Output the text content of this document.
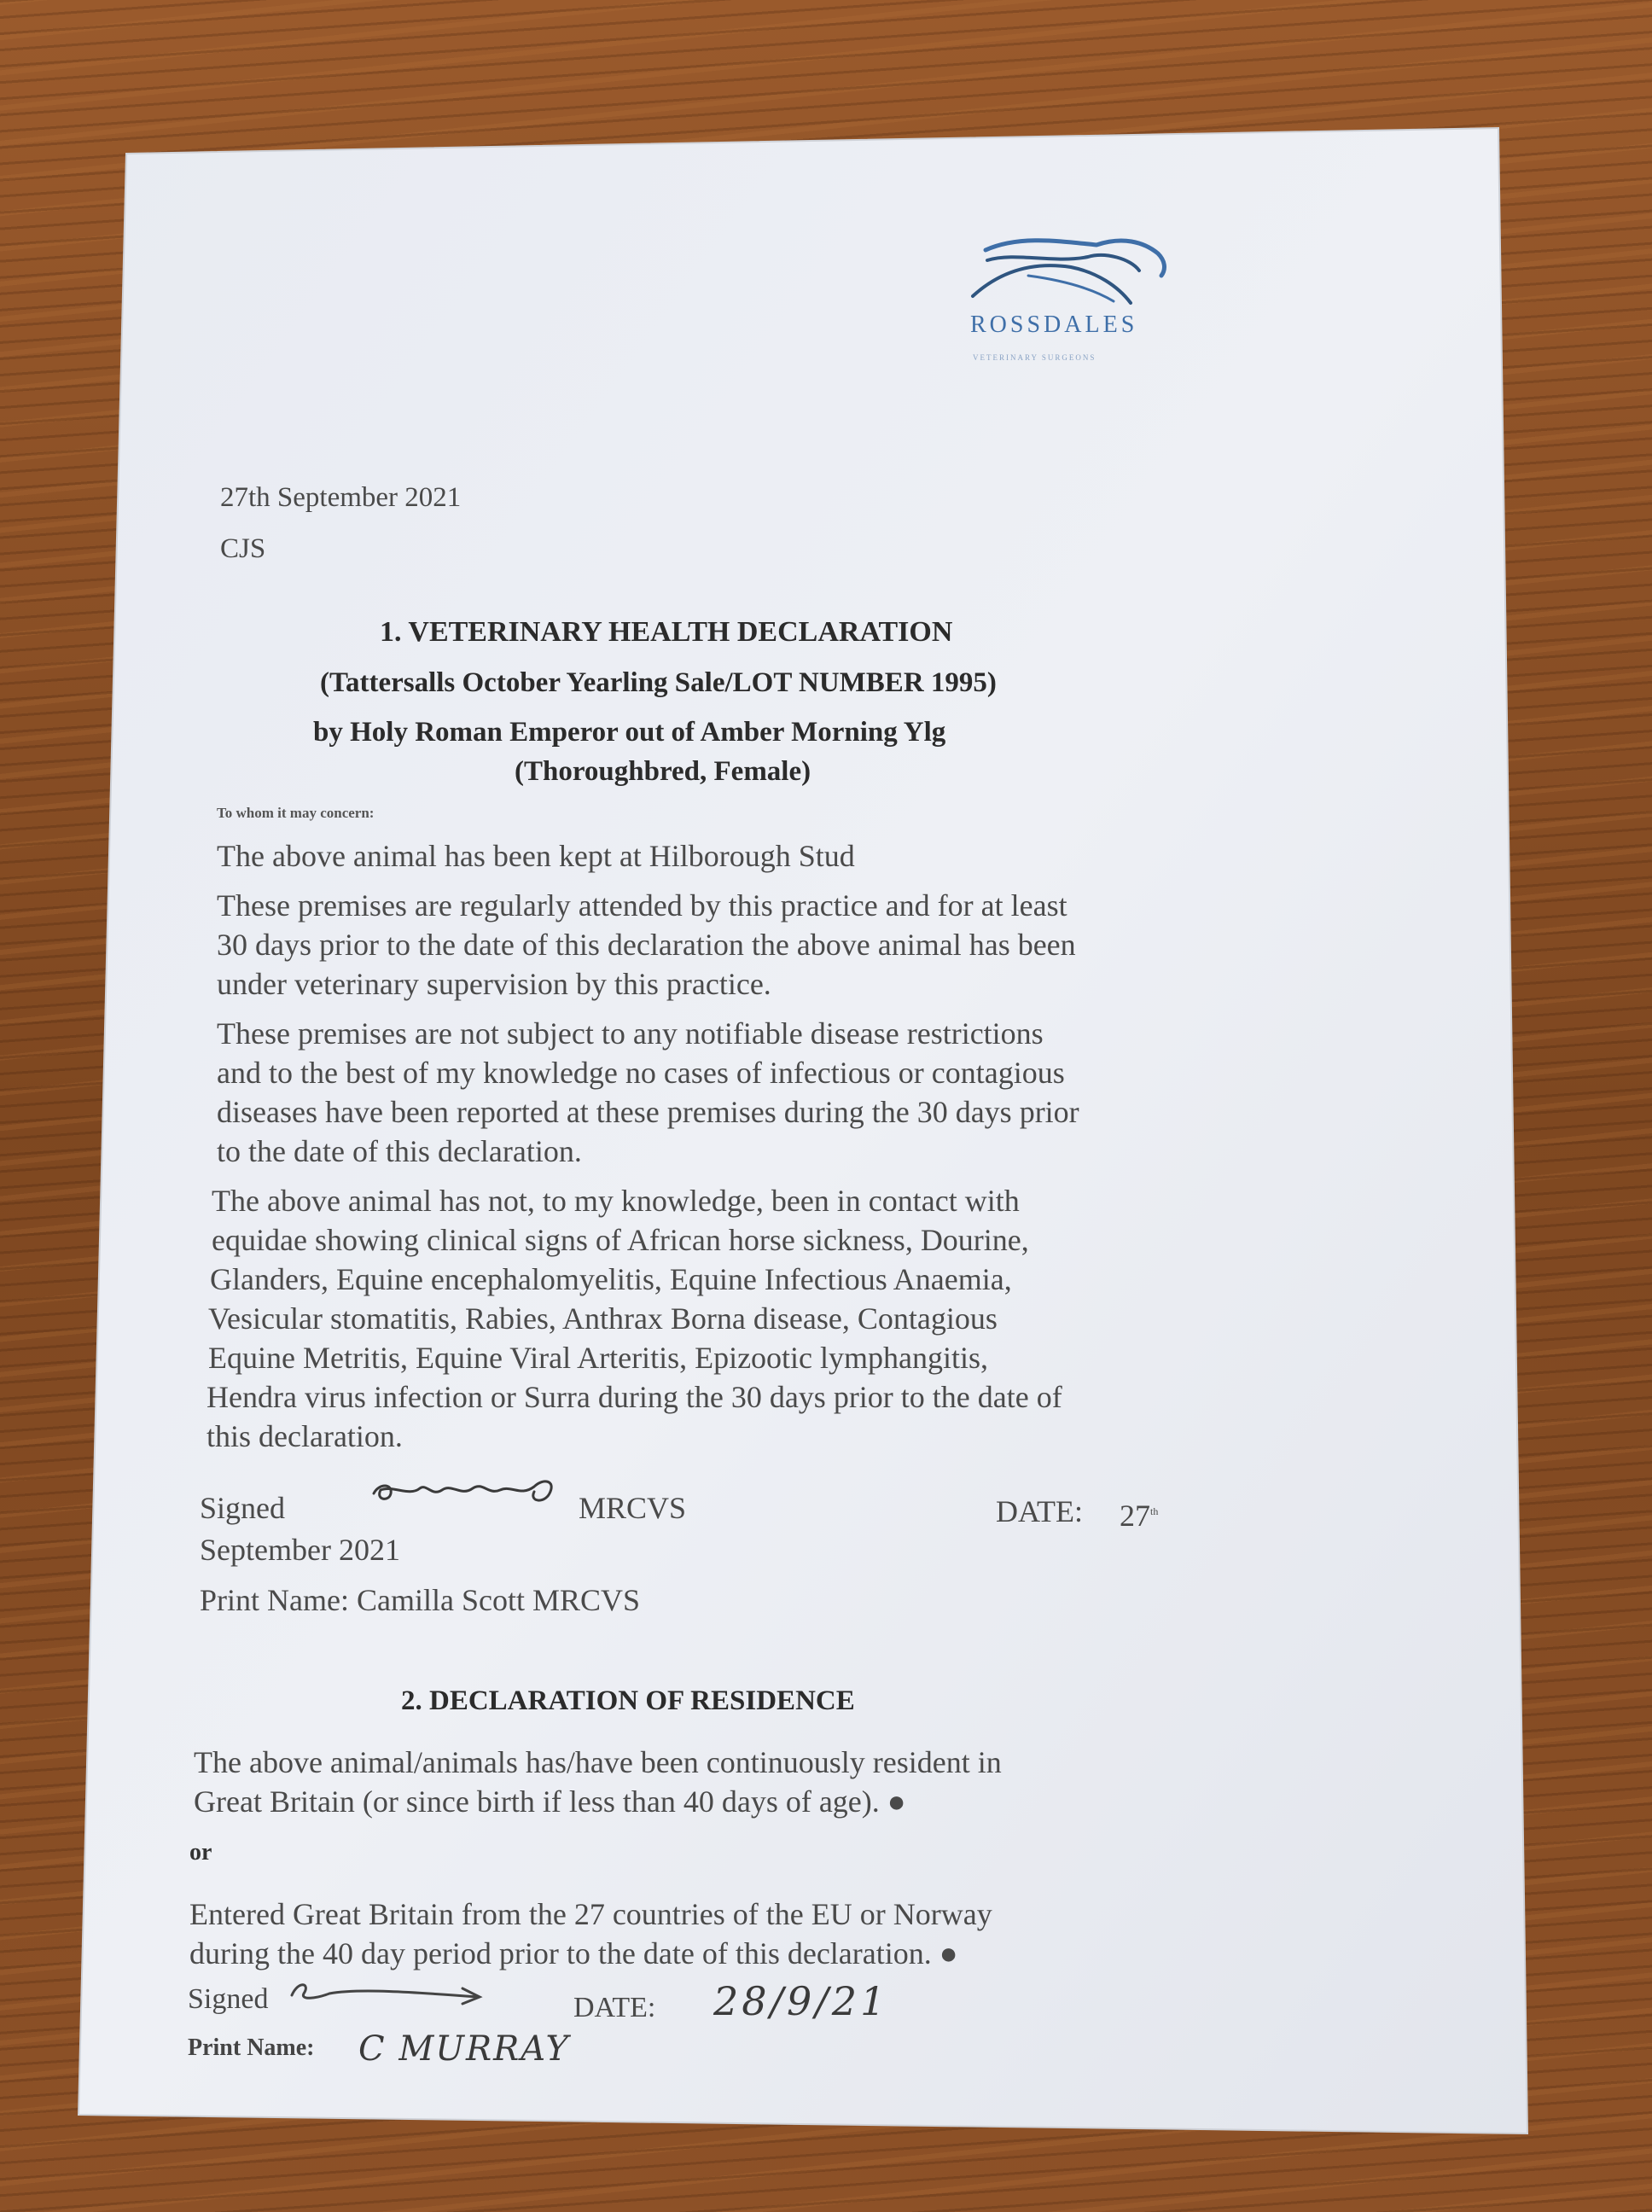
ROSSDALES
VETERINARY SURGEONS
27th September 2021
CJS
1. VETERINARY HEALTH DECLARATION
(Tattersalls October Yearling Sale/LOT NUMBER 1995)
by Holy Roman Emperor out of Amber Morning Ylg
(Thoroughbred, Female)
To whom it may concern:
The above animal has been kept at Hilborough Stud
These premises are regularly attended by this practice and for at least
30 days prior to the date of this declaration the above animal has been
under veterinary supervision by this practice.
These premises are not subject to any notifiable disease restrictions
and to the best of my knowledge no cases of infectious or contagious
diseases have been reported at these premises during the 30 days prior
to the date of this declaration.
The above animal has not, to my knowledge, been in contact with
equidae showing clinical signs of African horse sickness, Dourine,
Glanders, Equine encephalomyelitis, Equine Infectious Anaemia,
Vesicular stomatitis, Rabies, Anthrax Borna disease, Contagious
Equine Metritis, Equine Viral Arteritis, Epizootic lymphangitis,
Hendra virus infection or Surra during the 30 days prior to the date of
this declaration.
Signed	MRCVS	DATE: 27th
September 2021
Print Name: Camilla Scott MRCVS
2. DECLARATION OF RESIDENCE
The above animal/animals has/have been continuously resident in
Great Britain (or since birth if less than 40 days of age). ●
or
Entered Great Britain from the 27 countries of the EU or Norway
during the 40 day period prior to the date of this declaration. ●
Signed	DATE: 28/9/21
Print Name: C MURRAY
